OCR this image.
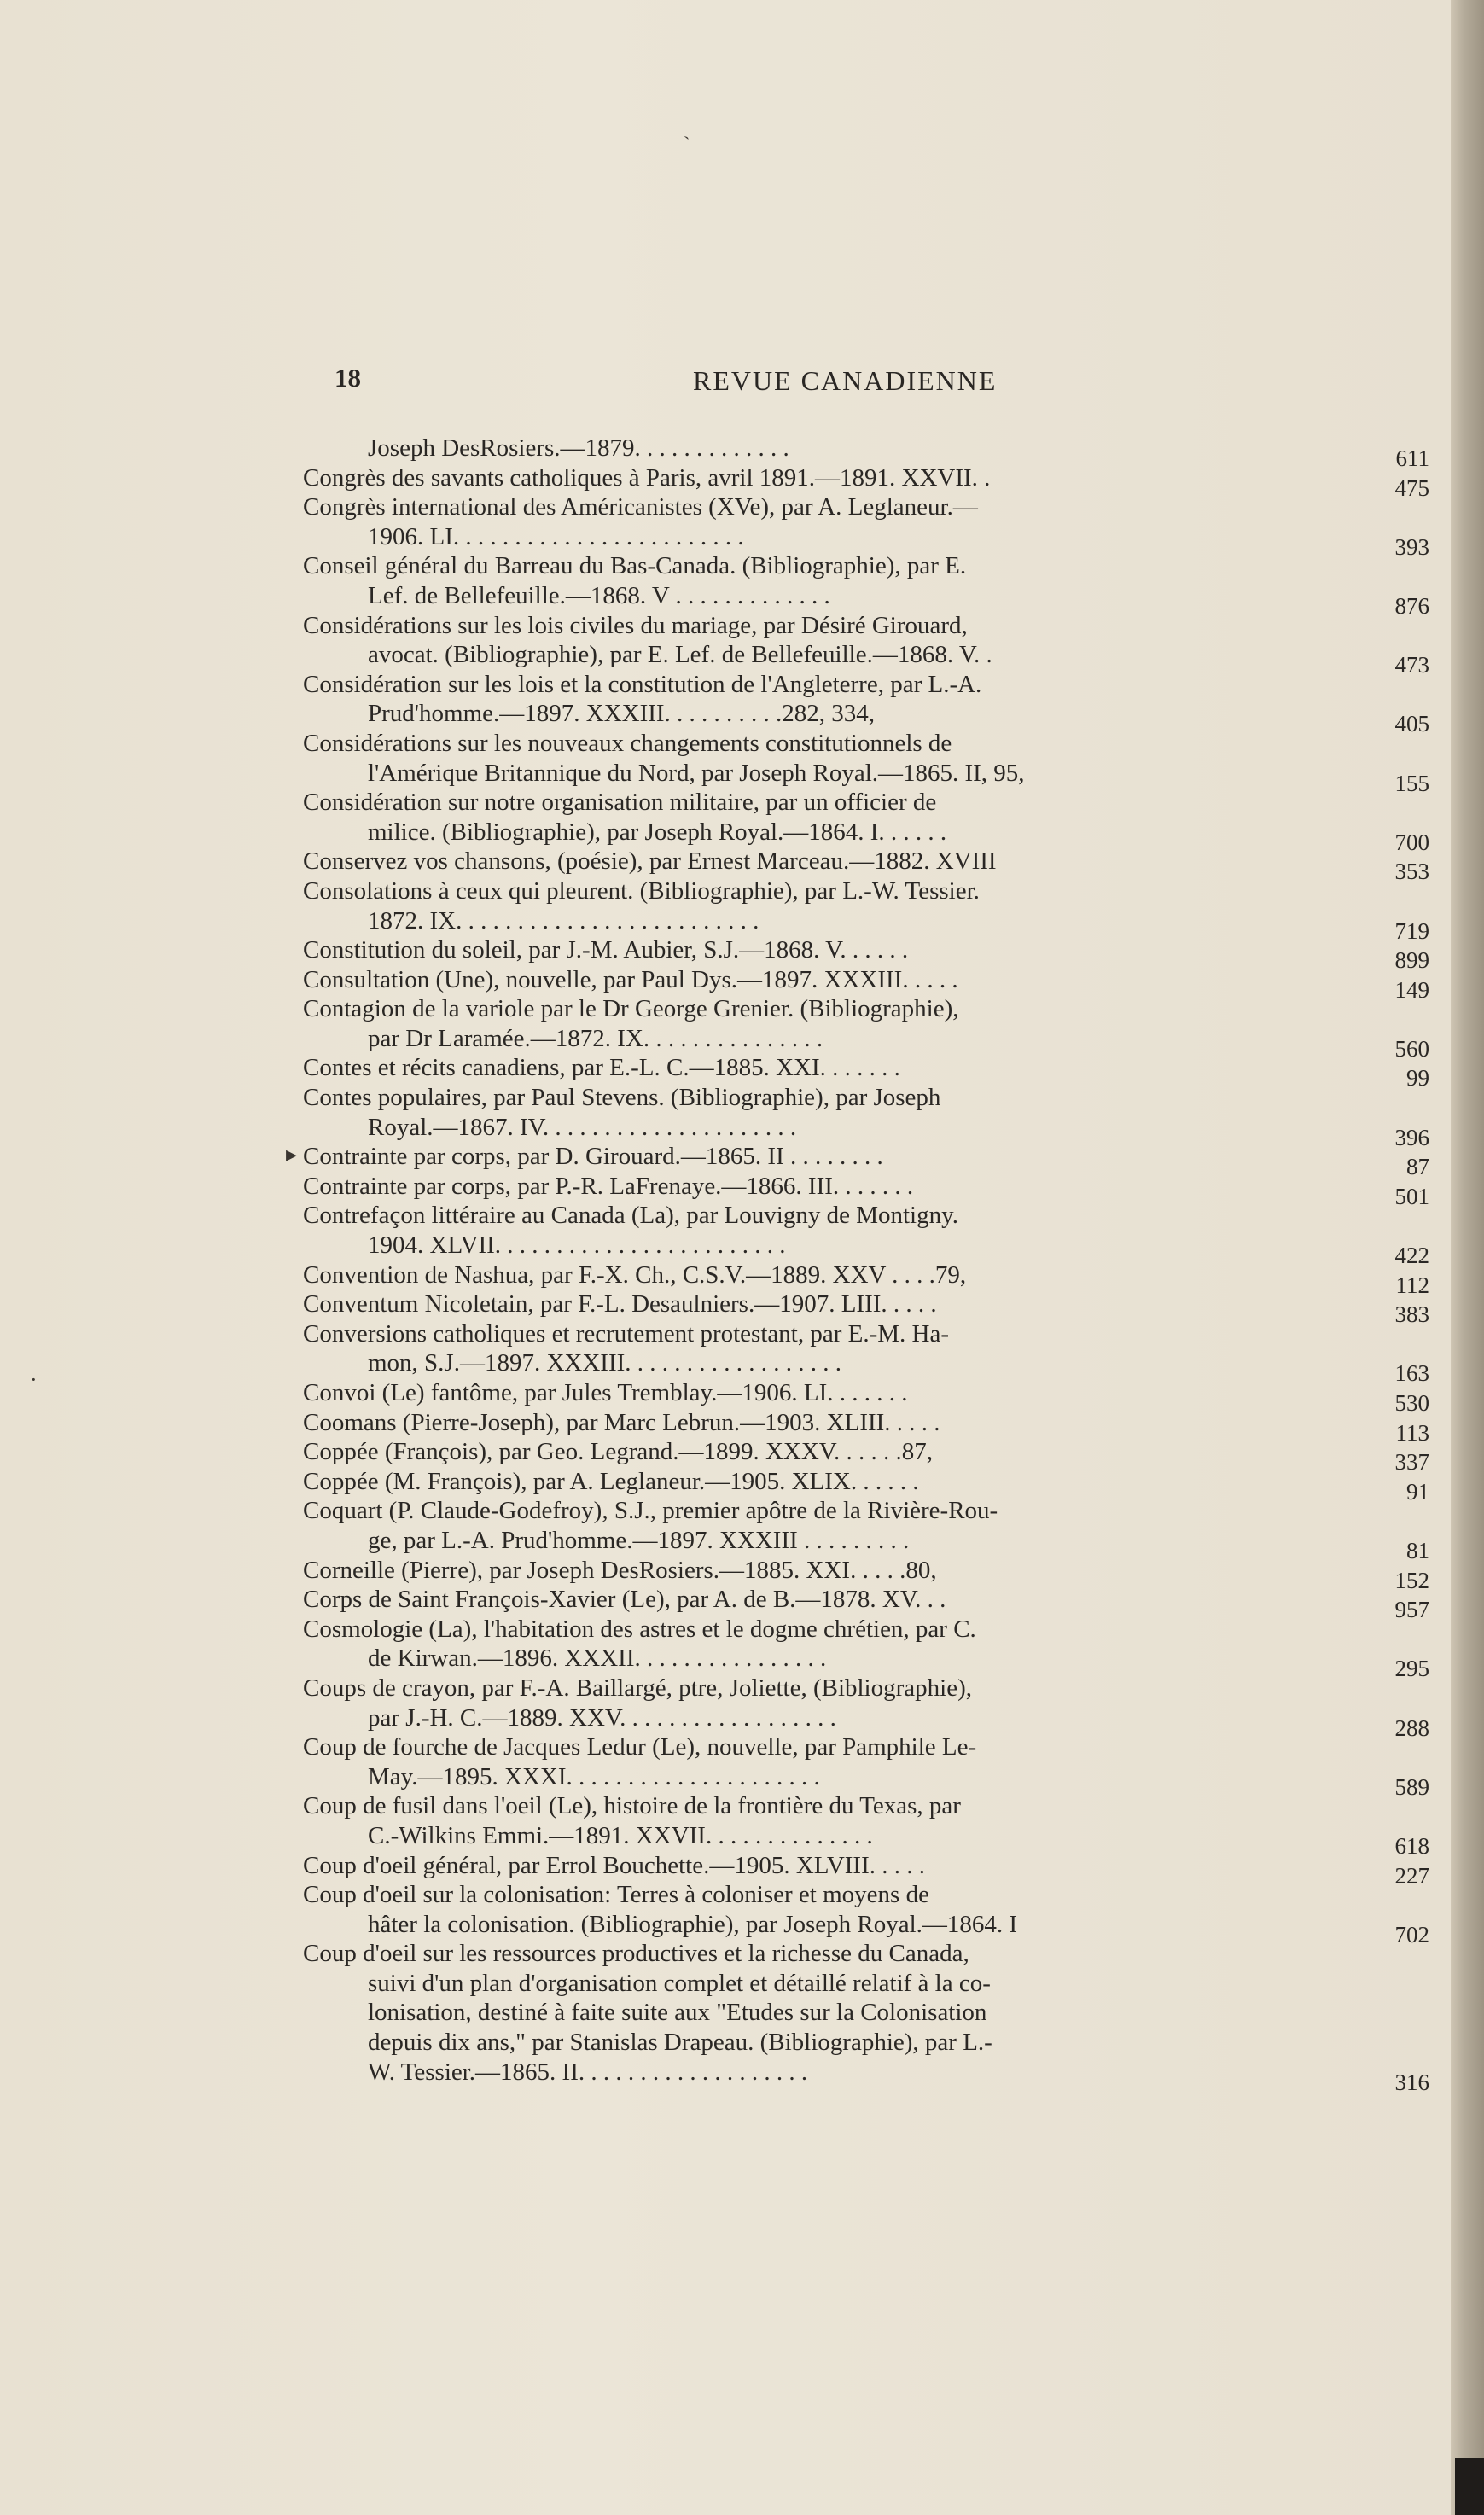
`
▸
·
18	REVUE CANADIENNE
Joseph DesRosiers.—1879. . . . . . . . . . . . .	611
Congrès des savants catholiques à Paris, avril 1891.—1891. XXVII. .	475
Congrès international des Américanistes (XVe), par A. Leglaneur.—
1906. LI. . . . . . . . . . . . . . . . . . . . . . . .	393
Conseil général du Barreau du Bas-Canada. (Bibliographie), par E.
Lef. de Bellefeuille.—1868. V . . . . . . . . . . . . .	876
Considérations sur les lois civiles du mariage, par Désiré Girouard,
avocat. (Bibliographie), par E. Lef. de Bellefeuille.—1868. V. .	473
Considération sur les lois et la constitution de l'Angleterre, par L.-A.
Prud'homme.—1897. XXXIII. . . . . . . . . .282, 334,	405
Considérations sur les nouveaux changements constitutionnels de
l'Amérique Britannique du Nord, par Joseph Royal.—1865. II, 95,	155
Considération sur notre organisation militaire, par un officier de
milice. (Bibliographie), par Joseph Royal.—1864. I. . . . . .	700
Conservez vos chansons, (poésie), par Ernest Marceau.—1882. XVIII	353
Consolations à ceux qui pleurent. (Bibliographie), par L.-W. Tessier.
1872. IX. . . . . . . . . . . . . . . . . . . . . . . . .	719
Constitution du soleil, par J.-M. Aubier, S.J.—1868. V. . . . . .	899
Consultation (Une), nouvelle, par Paul Dys.—1897. XXXIII. . . . .	149
Contagion de la variole par le Dr George Grenier. (Bibliographie),
par Dr Laramée.—1872. IX. . . . . . . . . . . . . . .	560
Contes et récits canadiens, par E.-L. C.—1885. XXI. . . . . . .	99
Contes populaires, par Paul Stevens. (Bibliographie), par Joseph
Royal.—1867. IV. . . . . . . . . . . . . . . . . . . . .	396
Contrainte par corps, par D. Girouard.—1865. II . . . . . . . .	87
Contrainte par corps, par P.-R. LaFrenaye.—1866. III. . . . . . .	501
Contrefaçon littéraire au Canada (La), par Louvigny de Montigny.
1904. XLVII. . . . . . . . . . . . . . . . . . . . . . . .	422
Convention de Nashua, par F.-X. Ch., C.S.V.—1889. XXV . . . .79,	112
Conventum Nicoletain, par F.-L. Desaulniers.—1907. LIII. . . . .	383
Conversions catholiques et recrutement protestant, par E.-M. Ha-
mon, S.J.—1897. XXXIII. . . . . . . . . . . . . . . . . .	163
Convoi (Le) fantôme, par Jules Tremblay.—1906. LI. . . . . . .	530
Coomans (Pierre-Joseph), par Marc Lebrun.—1903. XLIII. . . . .	113
Coppée (François), par Geo. Legrand.—1899. XXXV. . . . . .87,	337
Coppée (M. François), par A. Leglaneur.—1905. XLIX. . . . . .	91
Coquart (P. Claude-Godefroy), S.J., premier apôtre de la Rivière-Rou-
ge, par L.-A. Prud'homme.—1897. XXXIII . . . . . . . . .	81
Corneille (Pierre), par Joseph DesRosiers.—1885. XXI. . . . .80,	152
Corps de Saint François-Xavier (Le), par A. de B.—1878. XV. . .	957
Cosmologie (La), l'habitation des astres et le dogme chrétien, par C.
de Kirwan.—1896. XXXII. . . . . . . . . . . . . . . .	295
Coups de crayon, par F.-A. Baillargé, ptre, Joliette, (Bibliographie),
par J.-H. C.—1889. XXV. . . . . . . . . . . . . . . . . .	288
Coup de fourche de Jacques Ledur (Le), nouvelle, par Pamphile Le-
May.—1895. XXXI. . . . . . . . . . . . . . . . . . . . .	589
Coup de fusil dans l'oeil (Le), histoire de la frontière du Texas, par
C.-Wilkins Emmi.—1891. XXVII. . . . . . . . . . . . . .	618
Coup d'oeil général, par Errol Bouchette.—1905. XLVIII. . . . .	227
Coup d'oeil sur la colonisation: Terres à coloniser et moyens de
hâter la colonisation. (Bibliographie), par Joseph Royal.—1864. I	702
Coup d'oeil sur les ressources productives et la richesse du Canada,
suivi d'un plan d'organisation complet et détaillé relatif à la co-
lonisation, destiné à faite suite aux "Etudes sur la Colonisation
depuis dix ans," par Stanislas Drapeau. (Bibliographie), par L.-
W. Tessier.—1865. II. . . . . . . . . . . . . . . . . . .	316
